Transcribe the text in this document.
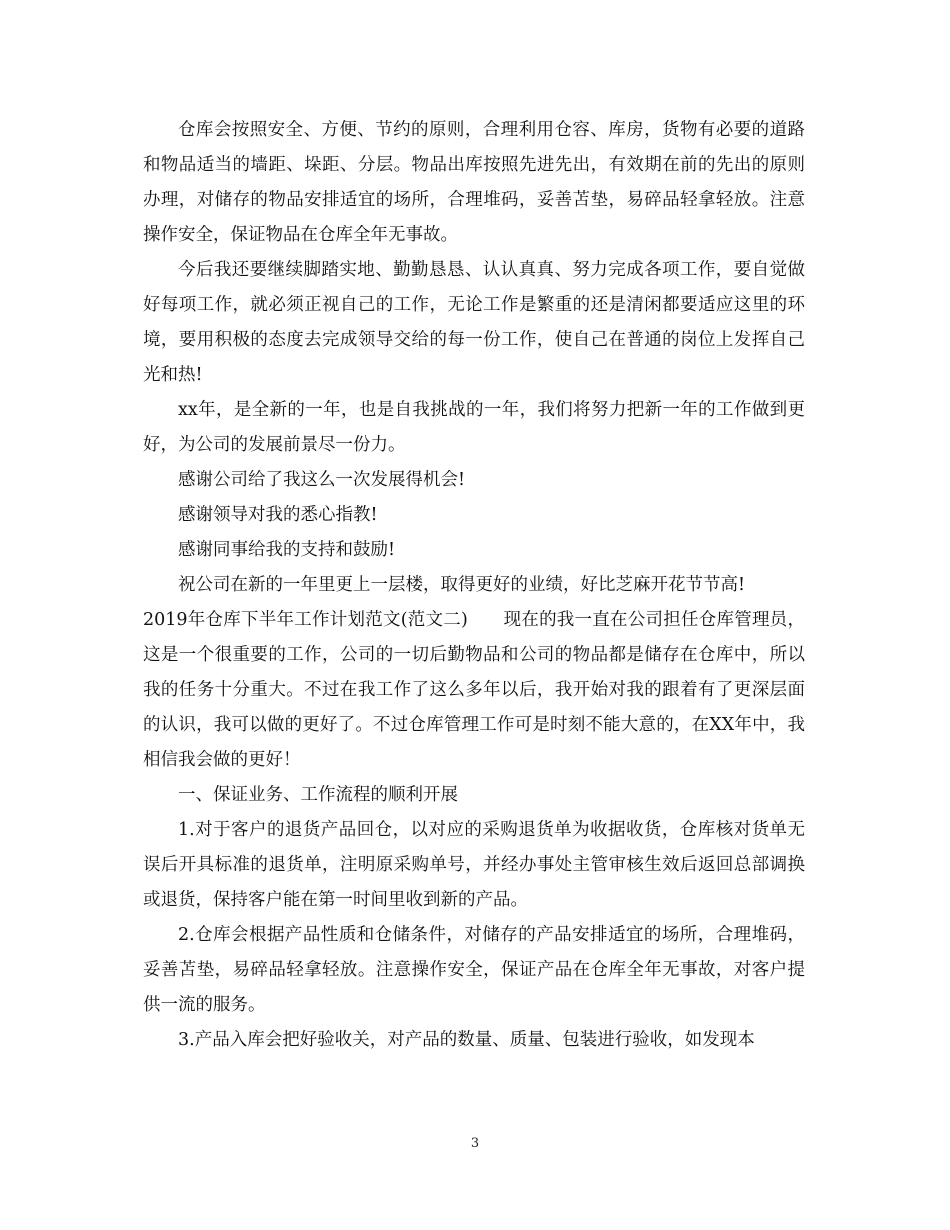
仓库会按照安全、方便、节约的原则，合理利用仓容、库房，货物有必要的道路和物品适当的墙距、垛距、分层。物品出库按照先进先出，有效期在前的先出的原则办理，对储存的物品安排适宜的场所，合理堆码，妥善苫垫，易碎品轻拿轻放。注意操作安全，保证物品在仓库全年无事故。

今后我还要继续脚踏实地、勤勤恳恳、认认真真、努力完成各项工作，要自觉做好每项工作，就必须正视自己的工作，无论工作是繁重的还是清闲都要适应这里的环境，要用积极的态度去完成领导交给的每一份工作，使自己在普通的岗位上发挥自己光和热!

xx年，是全新的一年，也是自我挑战的一年，我们将努力把新一年的工作做到更好，为公司的发展前景尽一份力。

感谢公司给了我这么一次发展得机会!

感谢领导对我的悉心指教!

感谢同事给我的支持和鼓励!

祝公司在新的一年里更上一层楼，取得更好的业绩，好比芝麻开花节节高!

2019年仓库下半年工作计划范文(范文二)　　现在的我一直在公司担任仓库管理员，这是一个很重要的工作，公司的一切后勤物品和公司的物品都是储存在仓库中，所以我的任务十分重大。不过在我工作了这么多年以后，我开始对我的跟着有了更深层面的认识，我可以做的更好了。不过仓库管理工作可是时刻不能大意的，在XX年中，我相信我会做的更好！

一、保证业务、工作流程的顺利开展

1.对于客户的退货产品回仓，以对应的采购退货单为收据收货，仓库核对货单无误后开具标准的退货单，注明原采购单号，并经办事处主管审核生效后返回总部调换或退货，保持客户能在第一时间里收到新的产品。

2.仓库会根据产品性质和仓储条件，对储存的产品安排适宜的场所，合理堆码，妥善苫垫，易碎品轻拿轻放。注意操作安全，保证产品在仓库全年无事故，对客户提供一流的服务。

3.产品入库会把好验收关，对产品的数量、质量、包装进行验收，如发现本

3
